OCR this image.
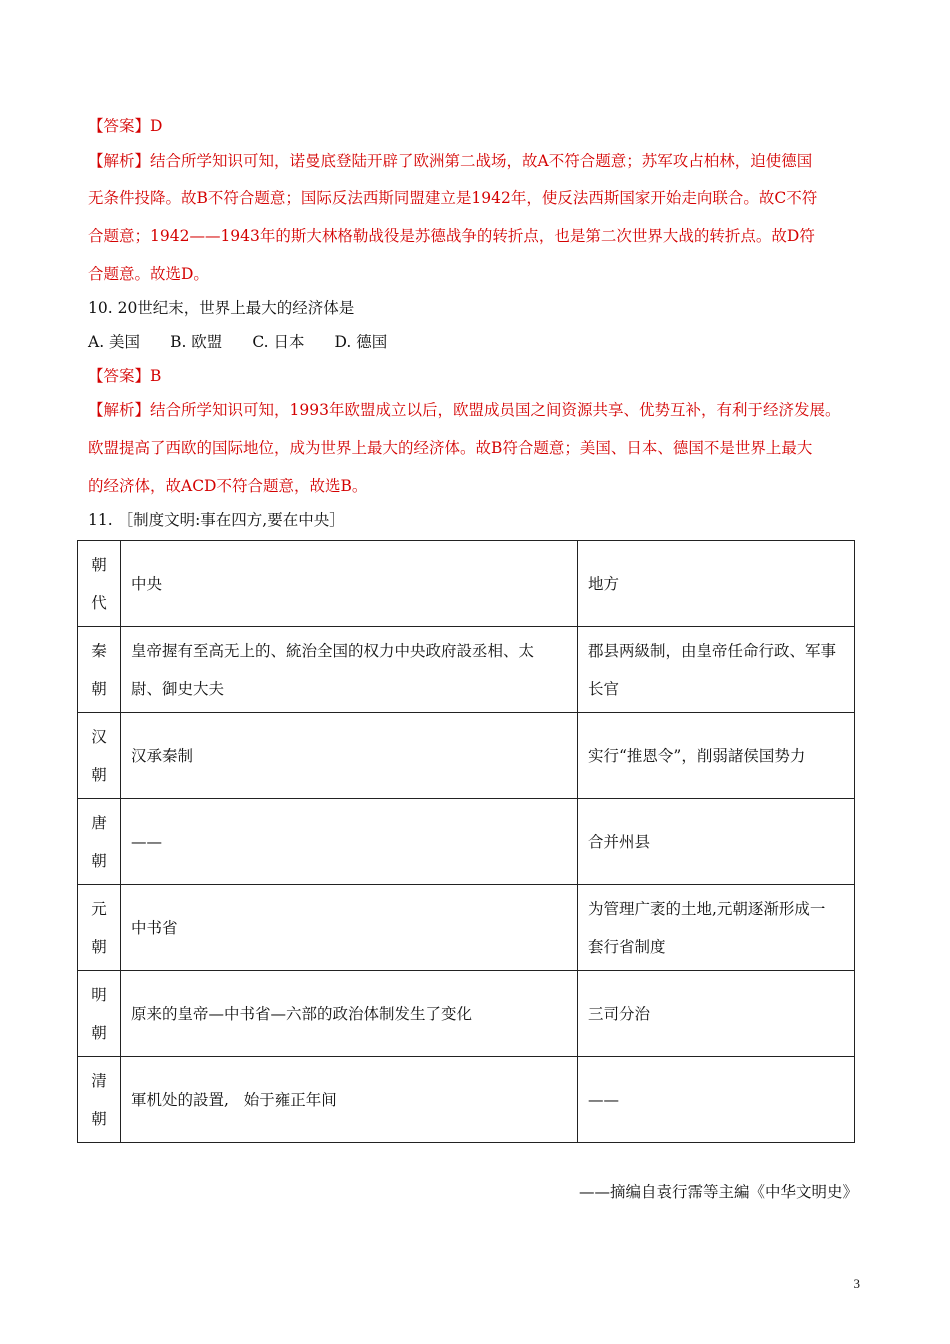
【答案】D
【解析】结合所学知识可知，诺曼底登陆开辟了欧洲第二战场，故A不符合题意；苏军攻占柏林，迫使德国
无条件投降。故B不符合题意；国际反法西斯同盟建立是1942年，使反法西斯国家开始走向联合。故C不符
合题意；1942——1943年的斯大林格勒战役是苏德战争的转折点，也是第二次世界大战的转折点。故D符
合题意。故选D。
10. 20世纪末，世界上最大的经济体是
A. 美国 B. 欧盟 C. 日本 D. 德国
【答案】B
【解析】结合所学知识可知，1993年欧盟成立以后，欧盟成员国之间资源共享、优势互补，有利于经济发展。
欧盟提高了西欧的国际地位，成为世界上最大的经济体。故B符合题意；美国、日本、德国不是世界上最大
的经济体，故ACD不符合题意，故选B。
11. ［制度文明:事在四方,要在中央］
朝
代	中央	地方
秦
朝	皇帝握有至高无上的、統治全国的权力中央政府設丞相、太
尉、御史大夫	郡县两級制，由皇帝任命行政、军事
长官
汉
朝	汉承秦制	实行“推恩令”，削弱諸侯国势力
唐
朝	——	合并州县
元
朝	中书省	为管理广袤的土地,元朝逐渐形成一
套行省制度
明
朝	原来的皇帝—中书省—六部的政治体制发生了变化	三司分治
清
朝	軍机处的設置,   始于雍正年间	——
——摘编自袁行霈等主編《中华文明史》
3
